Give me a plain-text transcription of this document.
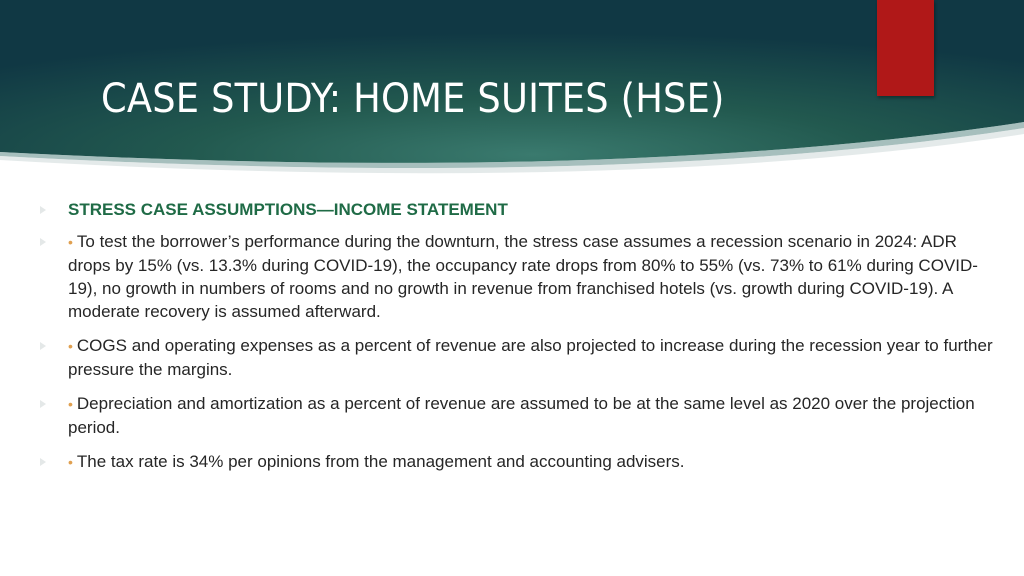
CASE STUDY: HOME SUITES (HSE)
STRESS CASE ASSUMPTIONS—INCOME STATEMENT
• To test the borrower’s performance during the downturn, the stress case assumes a recession scenario in 2024: ADR drops by 15% (vs. 13.3% during COVID-19), the occupancy rate drops from 80% to 55% (vs. 73% to 61% during COVID-19), no growth in numbers of rooms and no growth in revenue from franchised hotels (vs. growth during COVID-19). A moderate recovery is assumed afterward.
• COGS and operating expenses as a percent of revenue are also projected to increase during the recession year to further pressure the margins.
• Depreciation and amortization as a percent of revenue are assumed to be at the same level as 2020 over the projection period.
• The tax rate is 34% per opinions from the management and accounting advisers.
